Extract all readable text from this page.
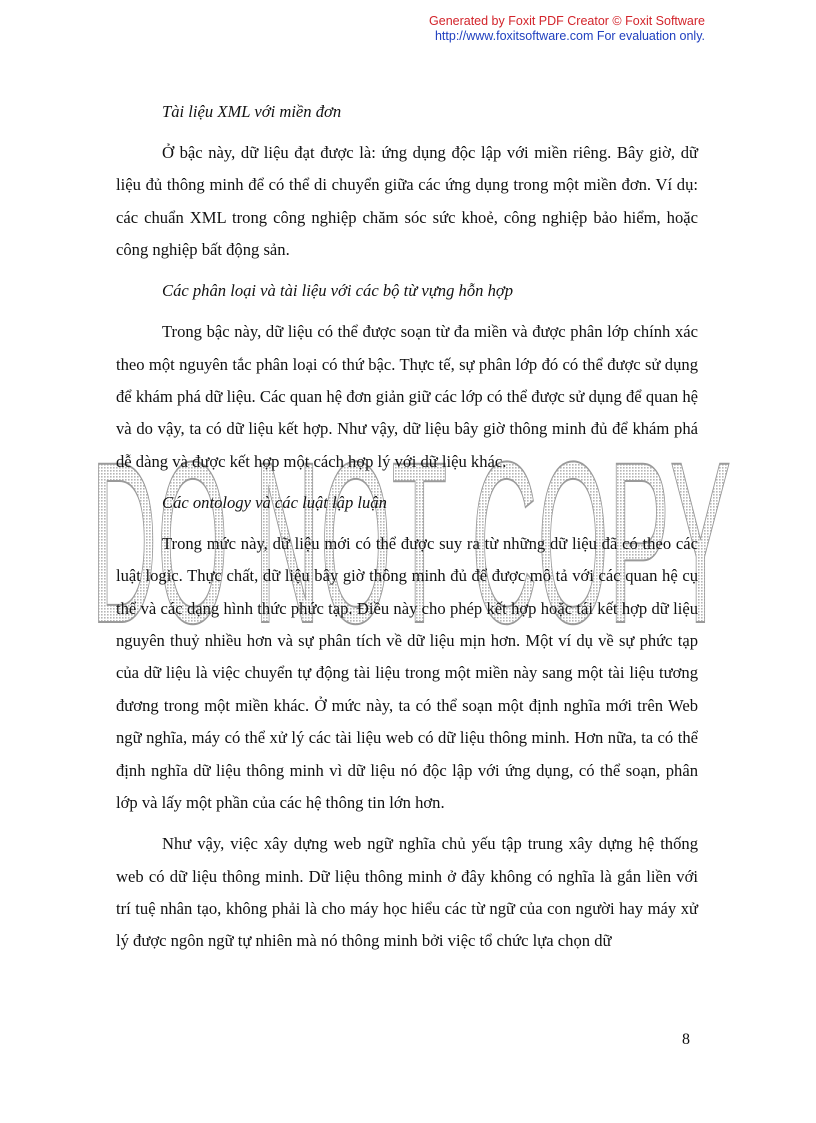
Generated by Foxit PDF Creator © Foxit Software
http://www.foxitsoftware.com For evaluation only.
DO NOT COPY

Tài liệu XML với miền đơn

Ở bậc này, dữ liệu đạt được là: ứng dụng độc lập với miền riêng. Bây giờ, dữ liệu đủ thông minh để có thể di chuyển giữa các ứng dụng trong một miền đơn. Ví dụ: các chuẩn XML trong công nghiệp chăm sóc sức khoẻ, công nghiệp bảo hiểm, hoặc công nghiệp bất động sản.

Các phân loại và tài liệu với các bộ từ vựng hỗn hợp

Trong bậc này, dữ liệu có thể được soạn từ đa miền và được phân lớp chính xác theo một nguyên tắc phân loại có thứ bậc. Thực tế, sự phân lớp đó có thể được sử dụng để khám phá dữ liệu. Các quan hệ đơn giản giữ các lớp có thể được sử dụng để quan hệ và do vậy, ta có dữ liệu kết hợp. Như vậy, dữ liệu bây giờ thông minh đủ để khám phá dễ dàng và được kết hợp một cách hợp lý với dữ liệu khác.

Các ontology và các luật lập luận

Trong mức này, dữ liệu mới có thể được suy ra từ những dữ liệu đã có theo các luật logic. Thực chất, dữ liệu bây giờ thông minh đủ để được mô tả với các quan hệ cụ thể và các dạng hình thức phức tạp. Điều này cho phép kết hợp hoặc tái kết hợp dữ liệu nguyên thuỷ nhiều hơn và sự phân tích về dữ liệu mịn hơn. Một ví dụ về sự phức tạp của dữ liệu là việc chuyển tự động tài liệu trong một miền này sang một tài liệu tương đương trong một miền khác. Ở mức này, ta có thể soạn một định nghĩa mới trên Web ngữ nghĩa, máy có thể xử lý các tài liệu web có dữ liệu thông minh. Hơn nữa, ta có thể định nghĩa dữ liệu thông minh vì dữ liệu nó độc lập với ứng dụng, có thể soạn, phân lớp và lấy một phần của các hệ thông tin lớn hơn.

Như vậy, việc xây dựng web ngữ nghĩa chủ yếu tập trung xây dựng hệ thống web có dữ liệu thông minh. Dữ liệu thông minh ở đây không có nghĩa là gắn liền với trí tuệ nhân tạo, không phải là cho máy học hiểu các từ ngữ của con người hay máy xử lý được ngôn ngữ tự nhiên mà nó thông minh bởi việc tổ chức lựa chọn dữ

8
